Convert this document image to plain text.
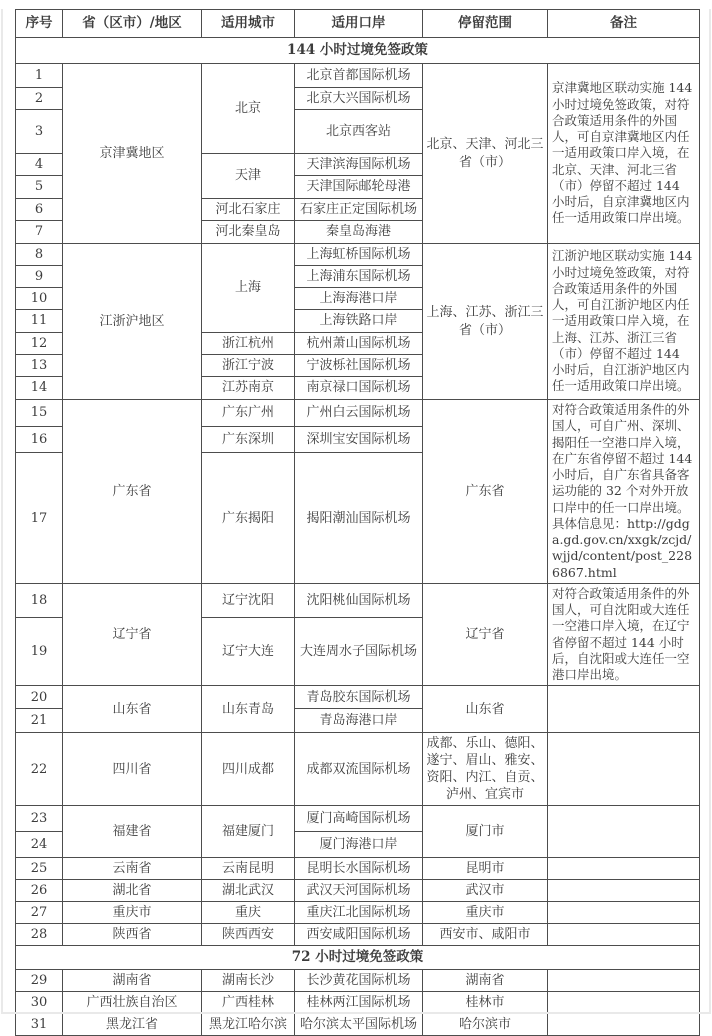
序号	省（区市）/地区	适用城市	适用口岸	停留范围	备注
144 小时过境免签政策					
1	京津冀地区	北京	北京首都国际机场	北京、天津、河北三省（市）	京津冀地区联动实施 144 小时过境免签政策，对符合政策适用条件的外国人，可自京津冀地区内任一适用政策口岸入境，在北京、天津、河北三省（市）停留不超过 144 小时后，自京津冀地区内任一适用政策口岸出境。
2			北京大兴国际机场		
3			北京西客站		
4		天津	天津滨海国际机场		
5			天津国际邮轮母港		
6		河北石家庄	石家庄正定国际机场		
7		河北秦皇岛	秦皇岛海港		
8	江浙沪地区	上海	上海虹桥国际机场	上海、江苏、浙江三省（市）	江浙沪地区联动实施 144 小时过境免签政策，对符合政策适用条件的外国人，可自江浙沪地区内任一适用政策口岸入境，在上海、江苏、浙江三省（市）停留不超过 144 小时后，自江浙沪地区内任一适用政策口岸出境。
9			上海浦东国际机场		
10			上海海港口岸		
11			上海铁路口岸		
12		浙江杭州	杭州萧山国际机场		
13		浙江宁波	宁波栎社国际机场		
14		江苏南京	南京禄口国际机场		
15	广东省	广东广州	广州白云国际机场	广东省	对符合政策适用条件的外国人，可自广州、深圳、揭阳任一空港口岸入境，在广东省停留不超过 144 小时后，自广东省具备客运功能的 32 个对外开放口岸中的任一口岸出境。具体信息见：http://gdga.gd.gov.cn/xxgk/zcjd/wjjd/content/post_2286867.html
16		广东深圳	深圳宝安国际机场		
17		广东揭阳	揭阳潮汕国际机场		
18	辽宁省	辽宁沈阳	沈阳桃仙国际机场	辽宁省	对符合政策适用条件的外国人，可自沈阳或大连任一空港口岸入境，在辽宁省停留不超过 144 小时后，自沈阳或大连任一空港口岸出境。
19		辽宁大连	大连周水子国际机场		
20	山东省	山东青岛	青岛胶东国际机场	山东省	
21			青岛海港口岸		
22	四川省	四川成都	成都双流国际机场	成都、乐山、德阳、遂宁、眉山、雅安、资阳、内江、自贡、泸州、宜宾市	
23	福建省	福建厦门	厦门高崎国际机场	厦门市	
24			厦门海港口岸		
25	云南省	云南昆明	昆明长水国际机场	昆明市	
26	湖北省	湖北武汉	武汉天河国际机场	武汉市	
27	重庆市	重庆	重庆江北国际机场	重庆市	
28	陕西省	陕西西安	西安咸阳国际机场	西安市、咸阳市	
72 小时过境免签政策					
29	湖南省	湖南长沙	长沙黄花国际机场	湖南省	
30	广西壮族自治区	广西桂林	桂林两江国际机场	桂林市	
31	黑龙江省	黑龙江哈尔滨	哈尔滨太平国际机场	哈尔滨市	
